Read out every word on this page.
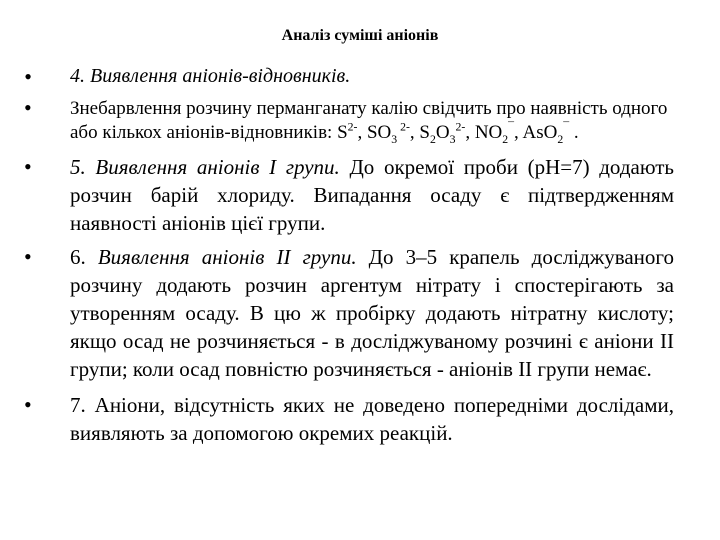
Аналіз суміші аніонів
• 4. Виявлення аніонів-відновників.
• Знебарвлення розчину перманганату калію свідчить про наявність одного або кількох аніонів-відновників: $S^{2-}$, $SO_3$ $^{2-}$, $S_2O_3^{2-}$, $NO_2^¯$, AsO$_2$¯ .
• 5. Виявлення аніонів I групи. До окремої проби (pH=7) додають розчин барій хлориду. Випадання осаду є підтвердженням наявності аніонів цієї групи.
• 6. Виявлення аніонів II групи. До 3–5 крапель досліджуваного розчину додають розчин аргентум нітрату і спостерігають за утворенням осаду. В цю ж пробірку додають нітратну кислоту; якщо осад не розчиняється - в досліджуваному розчині є аніони II групи; коли осад повністю розчиняється - аніонів II групи немає.
• 7. Аніони, відсутність яких не доведено попередніми дослідами, виявляють за допомогою окремих реакцій.
